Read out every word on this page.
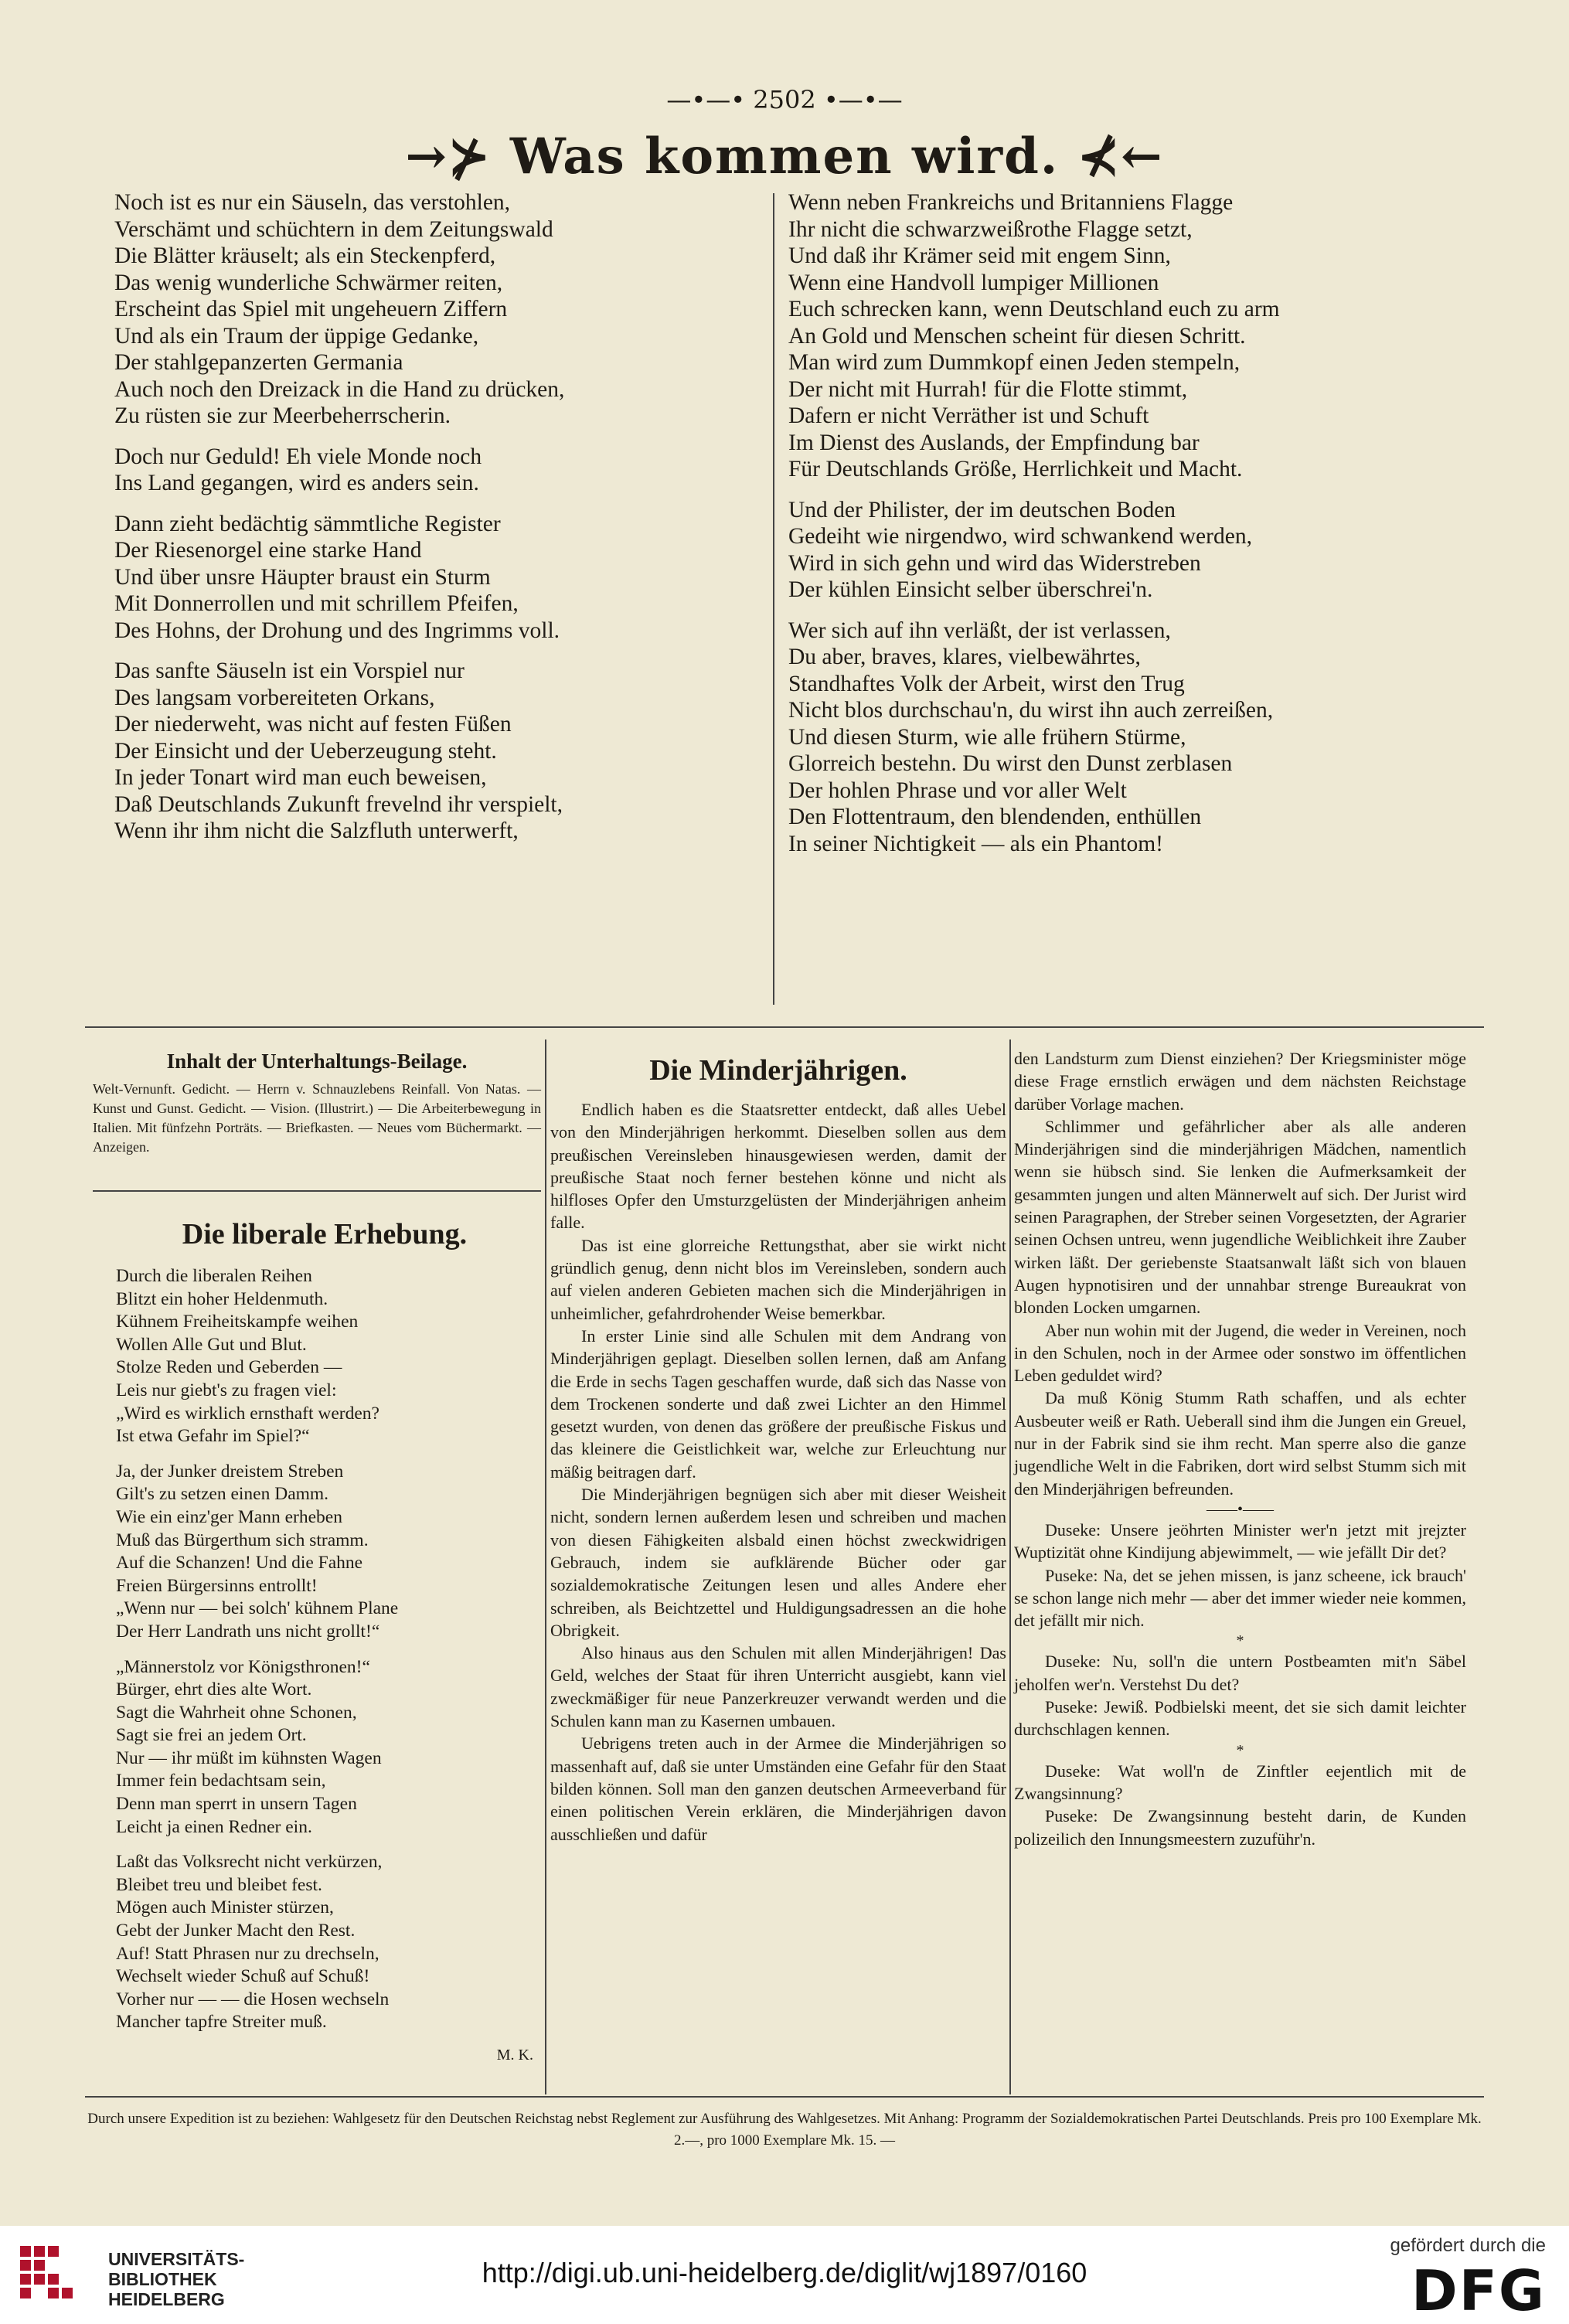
—•—• 2502 •—•—
→⊁ Was kommen wird. ⊀←

Noch ist es nur ein Säuseln, das verstohlen,
Verschämt und schüchtern in dem Zeitungswald
Die Blätter kräuselt; als ein Steckenpferd,
Das wenig wunderliche Schwärmer reiten,
Erscheint das Spiel mit ungeheuern Ziffern
Und als ein Traum der üppige Gedanke,
Der stahlgepanzerten Germania
Auch noch den Dreizack in die Hand zu drücken,
Zu rüsten sie zur Meerbeherrscherin.

Doch nur Geduld! Eh viele Monde noch
Ins Land gegangen, wird es anders sein.

Dann zieht bedächtig sämmtliche Register
Der Riesenorgel eine starke Hand
Und über unsre Häupter braust ein Sturm
Mit Donnerrollen und mit schrillem Pfeifen,
Des Hohns, der Drohung und des Ingrimms voll.

Das sanfte Säuseln ist ein Vorspiel nur
Des langsam vorbereiteten Orkans,
Der niederweht, was nicht auf festen Füßen
Der Einsicht und der Ueberzeugung steht.
In jeder Tonart wird man euch beweisen,
Daß Deutschlands Zukunft frevelnd ihr verspielt,
Wenn ihr ihm nicht die Salzfluth unterwerft,

Wenn neben Frankreichs und Britanniens Flagge
Ihr nicht die schwarzweißrothe Flagge setzt,
Und daß ihr Krämer seid mit engem Sinn,
Wenn eine Handvoll lumpiger Millionen
Euch schrecken kann, wenn Deutschland euch zu arm
An Gold und Menschen scheint für diesen Schritt.
Man wird zum Dummkopf einen Jeden stempeln,
Der nicht mit Hurrah! für die Flotte stimmt,
Dafern er nicht Verräther ist und Schuft
Im Dienst des Auslands, der Empfindung bar
Für Deutschlands Größe, Herrlichkeit und Macht.

Und der Philister, der im deutschen Boden
Gedeiht wie nirgendwo, wird schwankend werden,
Wird in sich gehn und wird das Widerstreben
Der kühlen Einsicht selber überschrei'n.

Wer sich auf ihn verläßt, der ist verlassen,
Du aber, braves, klares, vielbewährtes,
Standhaftes Volk der Arbeit, wirst den Trug
Nicht blos durchschau'n, du wirst ihn auch zerreißen,
Und diesen Sturm, wie alle frühern Stürme,
Glorreich bestehn. Du wirst den Dunst zerblasen
Der hohlen Phrase und vor aller Welt
Den Flottentraum, den blendenden, enthüllen
In seiner Nichtigkeit — als ein Phantom!

Inhalt der Unterhaltungs-Beilage.
Welt-Vernunft. Gedicht. — Herrn v. Schnauzlebens Reinfall. Von Natas. — Kunst und Gunst. Gedicht. — Vision. (Illustrirt.) — Die Arbeiterbewegung in Italien. Mit fünfzehn Porträts. — Briefkasten. — Neues vom Büchermarkt. — Anzeigen.
Die liberale Erhebung.

Durch die liberalen Reihen
Blitzt ein hoher Heldenmuth.
Kühnem Freiheitskampfe weihen
Wollen Alle Gut und Blut.
Stolze Reden und Geberden —
Leis nur giebt's zu fragen viel:
„Wird es wirklich ernsthaft werden?
Ist etwa Gefahr im Spiel?“

Ja, der Junker dreistem Streben
Gilt's zu setzen einen Damm.
Wie ein einz'ger Mann erheben
Muß das Bürgerthum sich stramm.
Auf die Schanzen! Und die Fahne
Freien Bürgersinns entrollt!
„Wenn nur — bei solch' kühnem Plane
Der Herr Landrath uns nicht grollt!“

„Männerstolz vor Königsthronen!“
Bürger, ehrt dies alte Wort.
Sagt die Wahrheit ohne Schonen,
Sagt sie frei an jedem Ort.
Nur — ihr müßt im kühnsten Wagen
Immer fein bedachtsam sein,
Denn man sperrt in unsern Tagen
Leicht ja einen Redner ein.

Laßt das Volksrecht nicht verkürzen,
Bleibet treu und bleibet fest.
Mögen auch Minister stürzen,
Gebt der Junker Macht den Rest.
Auf! Statt Phrasen nur zu drechseln,
Wechselt wieder Schuß auf Schuß!
Vorher nur — — die Hosen wechseln
Mancher tapfre Streiter muß.

M. K.
Die Minderjährigen.

Endlich haben es die Staatsretter entdeckt, daß alles Uebel von den Minderjährigen herkommt. Dieselben sollen aus dem preußischen Vereinsleben hinausgewiesen werden, damit der preußische Staat noch ferner bestehen könne und nicht als hilfloses Opfer den Umsturzgelüsten der Minderjährigen anheim falle.

Das ist eine glorreiche Rettungsthat, aber sie wirkt nicht gründlich genug, denn nicht blos im Vereinsleben, sondern auch auf vielen anderen Gebieten machen sich die Minderjährigen in unheimlicher, gefahrdrohender Weise bemerkbar.

In erster Linie sind alle Schulen mit dem Andrang von Minderjährigen geplagt. Dieselben sollen lernen, daß am Anfang die Erde in sechs Tagen geschaffen wurde, daß sich das Nasse von dem Trockenen sonderte und daß zwei Lichter an den Himmel gesetzt wurden, von denen das größere der preußische Fiskus und das kleinere die Geistlichkeit war, welche zur Erleuchtung nur mäßig beitragen darf.

Die Minderjährigen begnügen sich aber mit dieser Weisheit nicht, sondern lernen außerdem lesen und schreiben und machen von diesen Fähigkeiten alsbald einen höchst zweckwidrigen Gebrauch, indem sie aufklärende Bücher oder gar sozialdemokratische Zeitungen lesen und alles Andere eher schreiben, als Beichtzettel und Huldigungsadressen an die hohe Obrigkeit.

Also hinaus aus den Schulen mit allen Minderjährigen! Das Geld, welches der Staat für ihren Unterricht ausgiebt, kann viel zweckmäßiger für neue Panzerkreuzer verwandt werden und die Schulen kann man zu Kasernen umbauen.

Uebrigens treten auch in der Armee die Minderjährigen so massenhaft auf, daß sie unter Umständen eine Gefahr für den Staat bilden können. Soll man den ganzen deutschen Armeeverband für einen politischen Verein erklären, die Minderjährigen davon ausschließen und dafür

den Landsturm zum Dienst einziehen? Der Kriegsminister möge diese Frage ernstlich erwägen und dem nächsten Reichstage darüber Vorlage machen.

Schlimmer und gefährlicher aber als alle anderen Minderjährigen sind die minderjährigen Mädchen, namentlich wenn sie hübsch sind. Sie lenken die Aufmerksamkeit der gesammten jungen und alten Männerwelt auf sich. Der Jurist wird seinen Paragraphen, der Streber seinen Vorgesetzten, der Agrarier seinen Ochsen untreu, wenn jugendliche Weiblichkeit ihre Zauber wirken läßt. Der geriebenste Staatsanwalt läßt sich von blauen Augen hypnotisiren und der unnahbar strenge Bureaukrat von blonden Locken umgarnen.

Aber nun wohin mit der Jugend, die weder in Vereinen, noch in den Schulen, noch in der Armee oder sonstwo im öffentlichen Leben geduldet wird?

Da muß König Stumm Rath schaffen, und als echter Ausbeuter weiß er Rath. Ueberall sind ihm die Jungen ein Greuel, nur in der Fabrik sind sie ihm recht. Man sperre also die ganze jugendliche Welt in die Fabriken, dort wird selbst Stumm sich mit den Minderjährigen befreunden.

——•——

Duseke: Unsere jeöhrten Minister wer'n jetzt mit jrejzter Wuptizität ohne Kindijung abjewimmelt, — wie jefällt Dir det?

Puseke: Na, det se jehen missen, is janz scheene, ick brauch' se schon lange nich mehr — aber det immer wieder neie kommen, det jefällt mir nich.

*

Duseke: Nu, soll'n die untern Postbeamten mit'n Säbel jeholfen wer'n. Verstehst Du det?

Puseke: Jewiß. Podbielski meent, det sie sich damit leichter durchschlagen kennen.

*

Duseke: Wat woll'n de Zinftler eejentlich mit de Zwangsinnung?

Puseke: De Zwangsinnung besteht darin, de Kunden polizeilich den Innungsmeestern zuzuführ'n.

Durch unsere Expedition ist zu beziehen: Wahlgesetz für den Deutschen Reichstag nebst Reglement zur Ausführung des Wahlgesetzes. Mit Anhang: Programm der Sozialdemokratischen Partei Deutschlands. Preis pro 100 Exemplare Mk. 2.—, pro 1000 Exemplare Mk. 15. —
UNIVERSITÄTS-
BIBLIOTHEK
HEIDELBERG
http://digi.ub.uni-heidelberg.de/diglit/wj1897/0160
gefördert durch die
DFG
